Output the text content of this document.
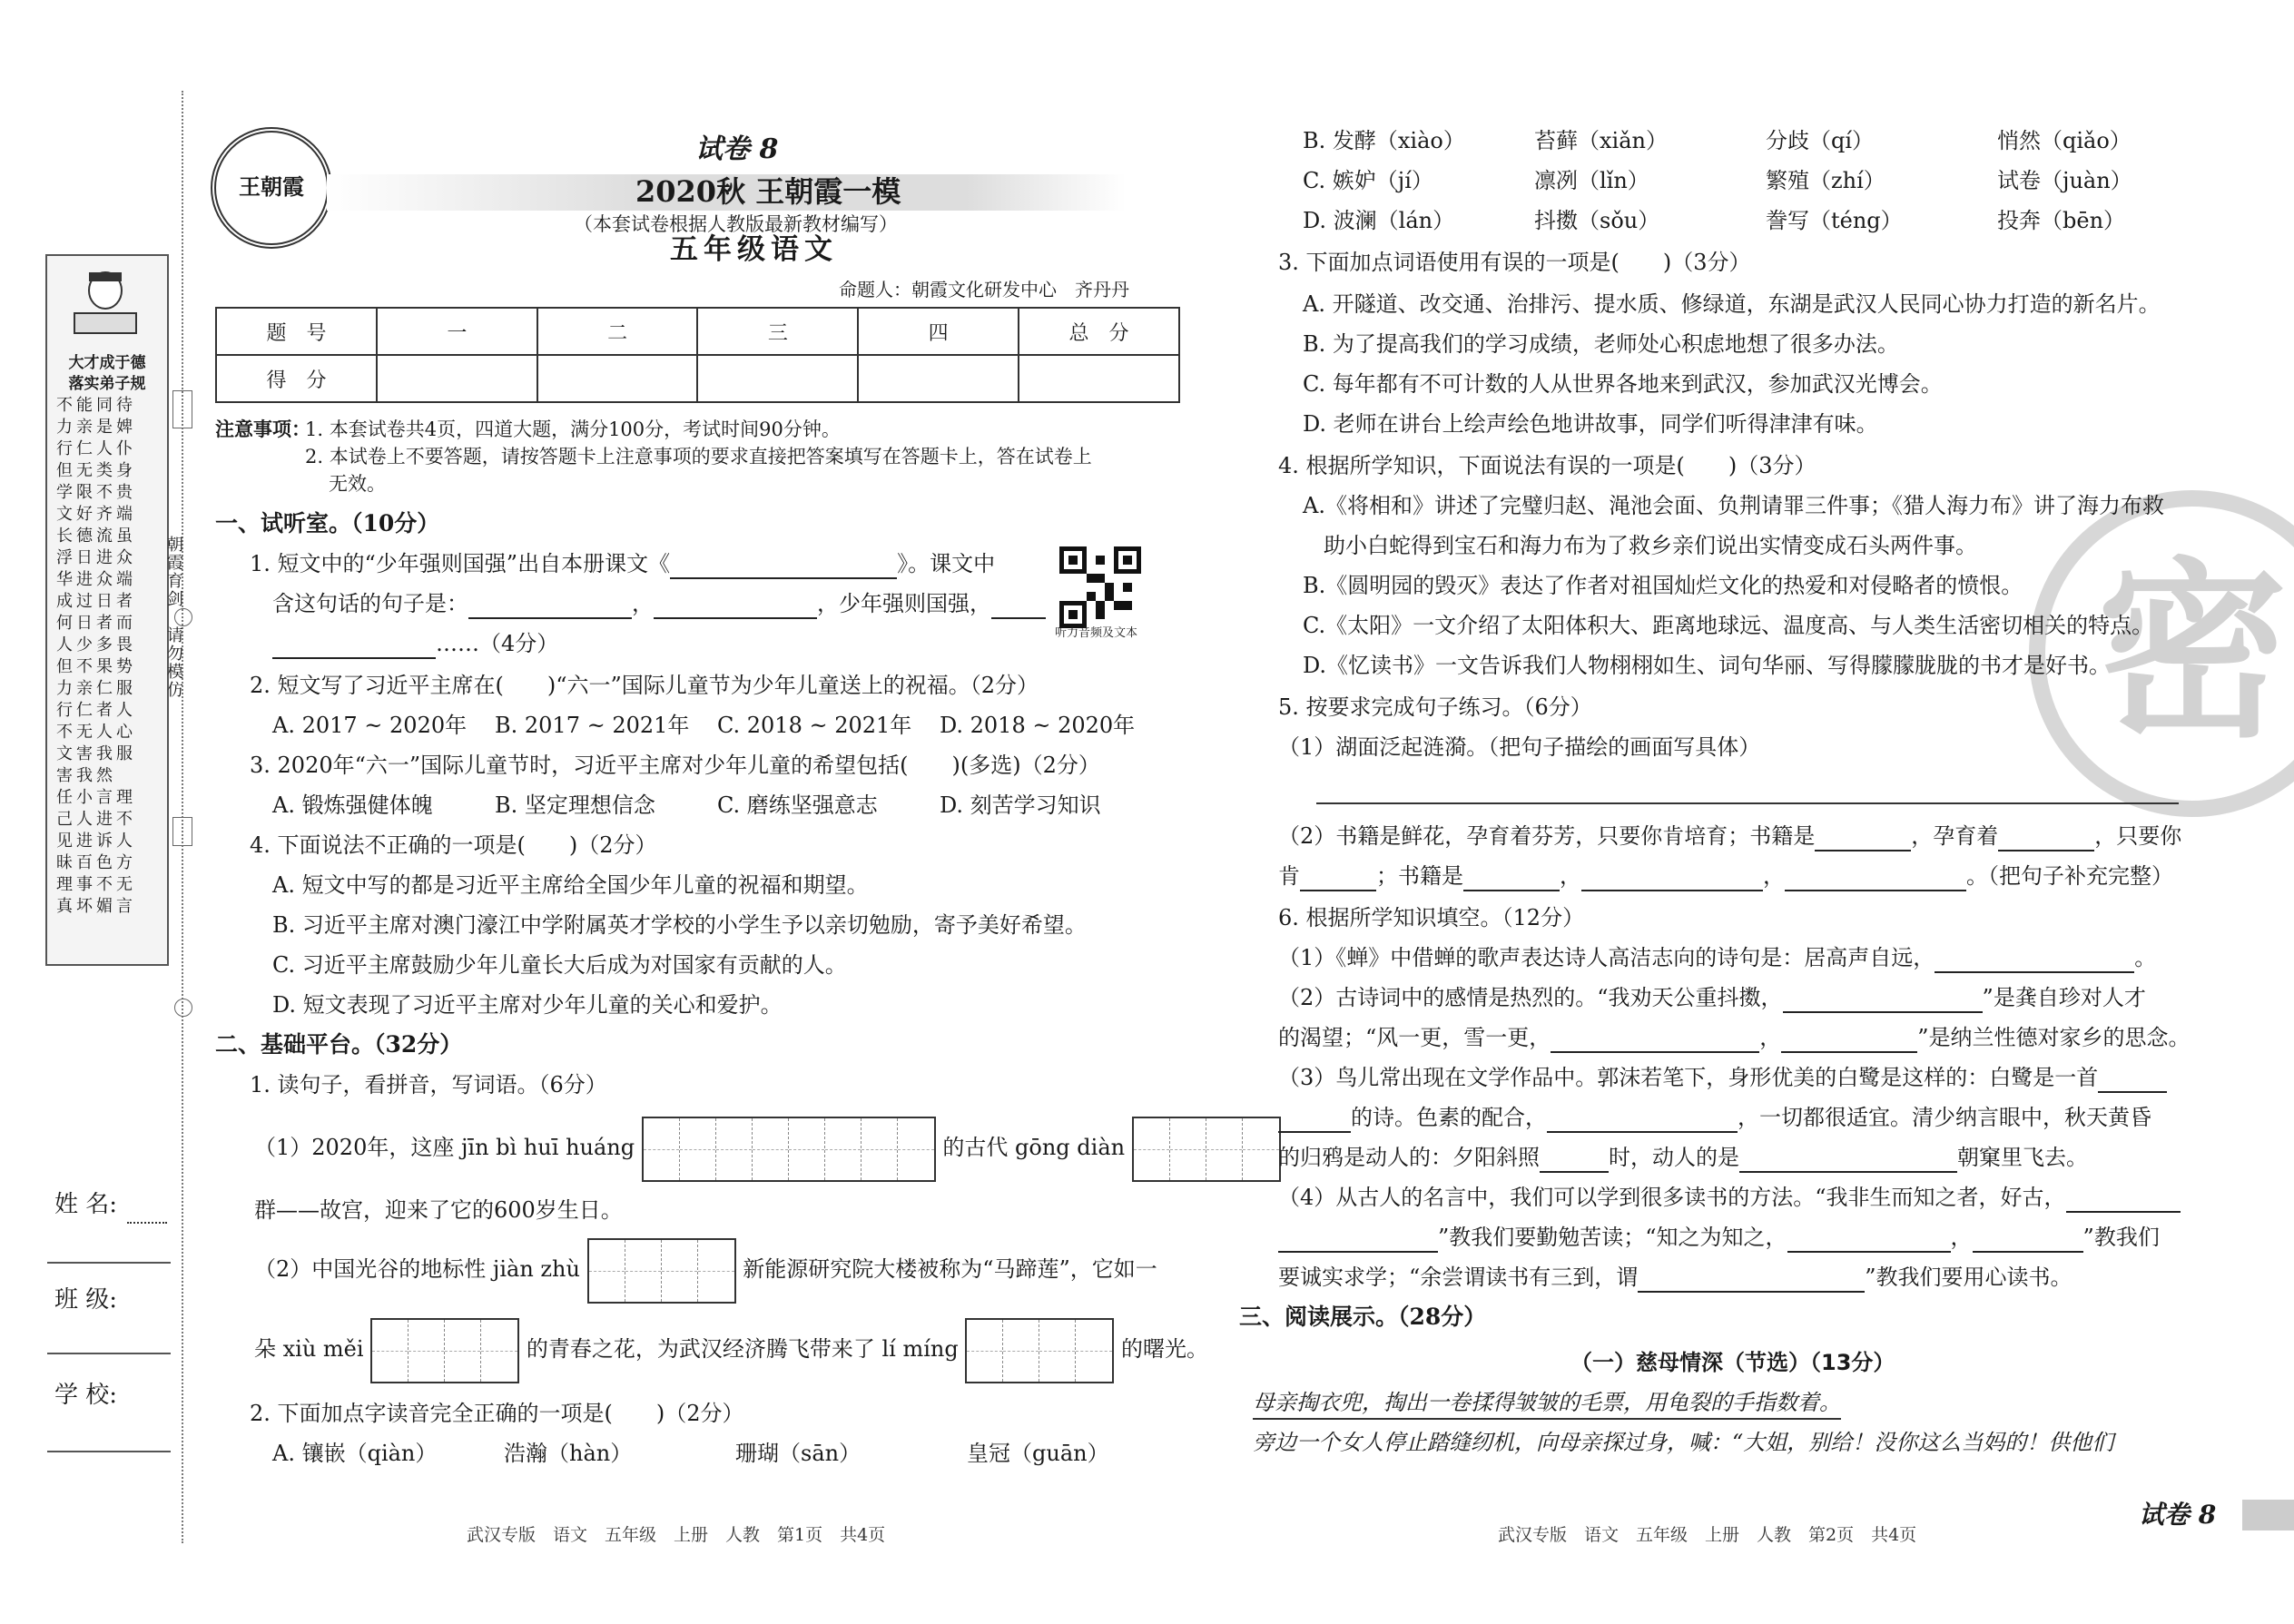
大才成于德
落实弟子规
不能同待
力亲是婢
行仁人仆
但无类身
学限不贵
文好齐端
长德流虽
浮日进众
华进众端
成过日者
何日者而
人少多畏
但不果势
力亲仁服
行仁者人
不无人心
文害我服
害我然
任小言理
己人进不
见进诉人
昧百色方
理事不无
真坏媚言
朝霞育剑　请勿模仿
姓 名:
班 级:
学 校:
王朝霞
试卷 8
2020秋 王朝霞一模
（本套试卷根据人教版最新教材编写）
五年级语文
命题人：朝霞文化研发中心　齐丹丹
题　号	一	二	三	四	总　分
得　分					
注意事项：
1. 本套试卷共4页，四道大题，满分100分，考试时间90分钟。
2. 本试卷上不要答题，请按答题卡上注意事项的要求直接把答案填写在答题卡上，答在试卷上
无效。
一、试听室。（10分）
1. 短文中的“少年强则国强”出自本册课文《	》。课文中
含这句话的句子是：	，	，少年强则国强，
……（4分）	听力音频及文本
2. 短文写了习近平主席在(　　)“六一”国际儿童节为少年儿童送上的祝福。（2分）
A. 2017 ~ 2020年 B. 2017 ~ 2021年 C. 2018 ~ 2021年 D. 2018 ~ 2020年
3. 2020年“六一”国际儿童节时，习近平主席对少年儿童的希望包括(　　)(多选)（2分）
A. 锻炼强健体魄	B. 坚定理想信念	C. 磨练坚强意志	D. 刻苦学习知识
4. 下面说法不正确的一项是(　　)（2分）
A. 短文中写的都是习近平主席给全国少年儿童的祝福和期望。
B. 习近平主席对澳门濠江中学附属英才学校的小学生予以亲切勉励，寄予美好希望。
C. 习近平主席鼓励少年儿童长大后成为对国家有贡献的人。
D. 短文表现了习近平主席对少年儿童的关心和爱护。
二、基础平台。（32分）
1. 读句子，看拼音，写词语。（6分）
（1）2020年，这座 jīn bì huī huáng	的古代 gōng diàn
群——故宫，迎来了它的600岁生日。
（2）中国光谷的地标性 jiàn zhù	新能源研究院大楼被称为“马蹄莲”，它如一
朵 xiù měi	的青春之花，为武汉经济腾飞带来了 lí míng	的曙光。
2. 下面加点字读音完全正确的一项是(　　)（2分）
A. 镶嵌（qiàn）	浩瀚（hàn）	珊瑚（sān）	皇冠（guān）
武汉专版　语文　五年级　上册　人教　第1页　共4页
密
B. 发酵（xiào）	苔藓（xiǎn）	分歧（qí）	悄然（qiǎo）
C. 嫉妒（jí）	凛冽（lǐn）	繁殖（zhí）	试卷（juàn）
D. 波澜（lán）	抖擞（sǒu）	誊写（téng）	投奔（bēn）
3. 下面加点词语使用有误的一项是(　　)（3分）
A. 开隧道、改交通、治排污、提水质、修绿道，东湖是武汉人民同心协力打造的新名片。
B. 为了提高我们的学习成绩，老师处心积虑地想了很多办法。
C. 每年都有不可计数的人从世界各地来到武汉，参加武汉光博会。
D. 老师在讲台上绘声绘色地讲故事，同学们听得津津有味。
4. 根据所学知识，下面说法有误的一项是(　　)（3分）
A.《将相和》讲述了完璧归赵、渑池会面、负荆请罪三件事；《猎人海力布》讲了海力布救
助小白蛇得到宝石和海力布为了救乡亲们说出实情变成石头两件事。
B.《圆明园的毁灭》表达了作者对祖国灿烂文化的热爱和对侵略者的愤恨。
C.《太阳》一文介绍了太阳体积大、距离地球远、温度高、与人类生活密切相关的特点。
D.《忆读书》一文告诉我们人物栩栩如生、词句华丽、写得朦朦胧胧的书才是好书。
5. 按要求完成句子练习。（6分）
（1）湖面泛起涟漪。（把句子描绘的画面写具体）
（2）书籍是鲜花，孕育着芬芳，只要你肯培育；书籍是	，孕育着	，只要你
肯	；书籍是	，	，	。（把句子补充完整）
6. 根据所学知识填空。（12分）
（1）《蝉》中借蝉的歌声表达诗人高洁志向的诗句是：居高声自远，	。
（2）古诗词中的感情是热烈的。“我劝天公重抖擞，	”是龚自珍对人才
的渴望；“风一更，雪一更，	，	”是纳兰性德对家乡的思念。
（3）鸟儿常出现在文学作品中。郭沫若笔下，身形优美的白鹭是这样的：白鹭是一首
的诗。色素的配合，	，一切都很适宜。清少纳言眼中，秋天黄昏
的归鸦是动人的：夕阳斜照	时，动人的是	朝窠里飞去。
（4）从古人的名言中，我们可以学到很多读书的方法。“我非生而知之者，好古，
”教我们要勤勉苦读；“知之为知之，	，	”教我们
要诚实求学；“余尝谓读书有三到，谓	”教我们要用心读书。
三、阅读展示。（28分）
（一）慈母情深（节选）（13分）
母亲掏衣兜，掏出一卷揉得皱皱的毛票，用龟裂的手指数着。
旁边一个女人停止踏缝纫机，向母亲探过身，喊：“大姐，别给！没你这么当妈的！供他们
武汉专版　语文　五年级　上册　人教　第2页　共4页
试卷 8
